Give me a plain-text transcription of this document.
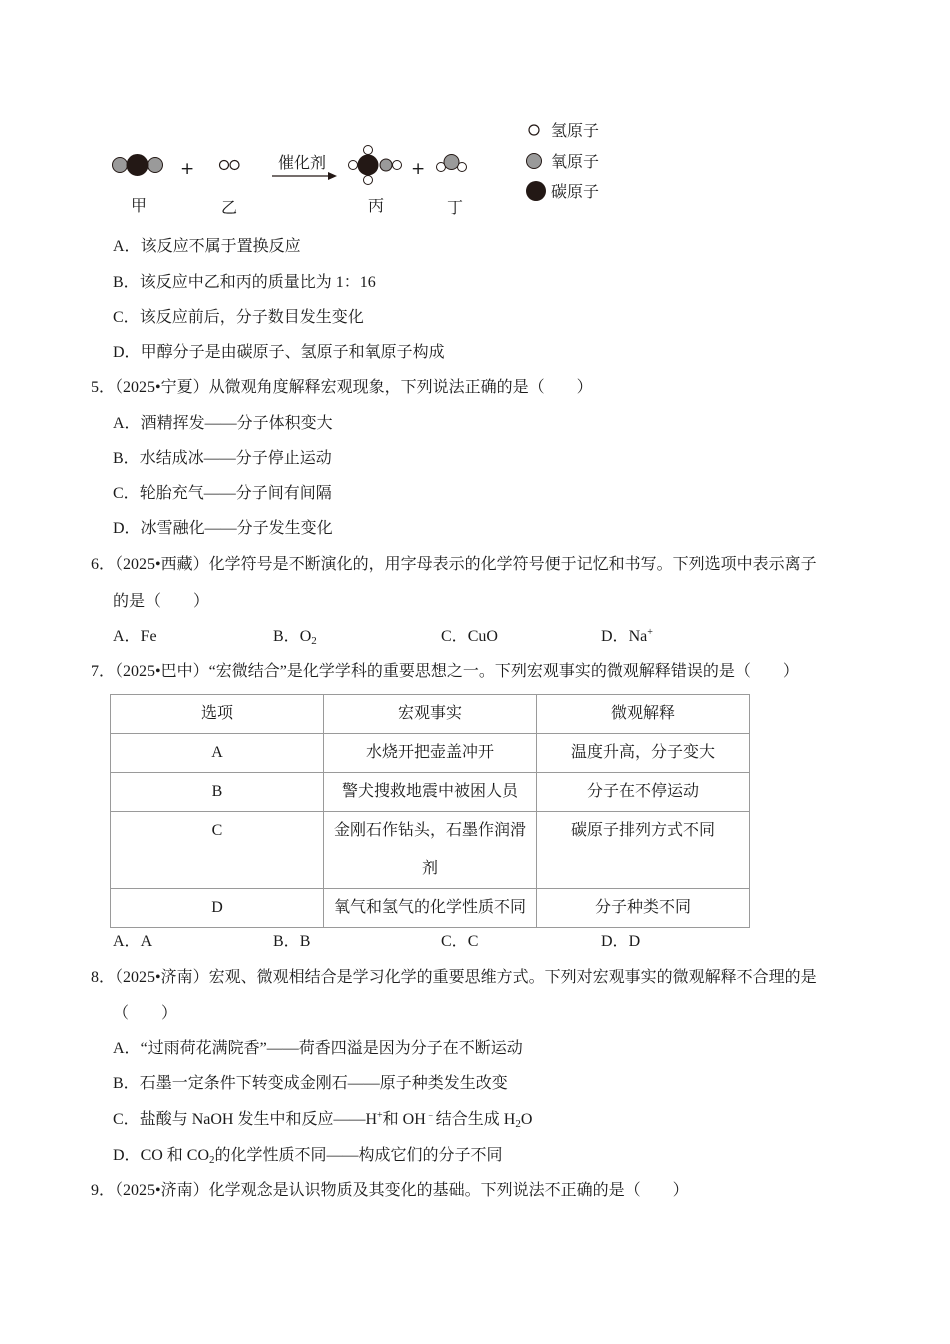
+	催化剂	+
甲	乙	丙	丁
氢原子
氧原子
碳原子
A．该反应不属于置换反应
B．该反应中乙和丙的质量比为 1：16
C．该反应前后，分子数目发生变化
D．甲醇分子是由碳原子、氢原子和氧原子构成
5．（2025•宁夏）从微观角度解释宏观现象，下列说法正确的是（　　）
A．酒精挥发——分子体积变大
B．水结成冰——分子停止运动
C．轮胎充气——分子间有间隔
D．冰雪融化——分子发生变化
6．（2025•西藏）化学符号是不断演化的，用字母表示的化学符号便于记忆和书写。下列选项中表示离子
的是（　　）
A．Fe	B．$O_2$	C．CuO	D．Na+
7．（2025•巴中）“宏微结合”是化学学科的重要思想之一。下列宏观事实的微观解释错误的是（　　）
选项	宏观事实	微观解释
A	水烧开把壶盖冲开	温度升高，分子变大
B	警犬搜救地震中被困人员	分子在不停运动
C	金刚石作钻头，石墨作润滑剂	碳原子排列方式不同
D	氧气和氢气的化学性质不同	分子种类不同
A．A	B．B	C．C	D．D
8．（2025•济南）宏观、微观相结合是学习化学的重要思维方式。下列对宏观事实的微观解释不合理的是
（　　）
A．“过雨荷花满院香”——荷香四溢是因为分子在不断运动
B．石墨一定条件下转变成金刚石——原子种类发生改变
C．盐酸与 NaOH 发生中和反应——H+和 OH﹣结合生成 $H_2O$
D．CO 和 $CO_2$的化学性质不同——构成它们的分子不同
9．（2025•济南）化学观念是认识物质及其变化的基础。下列说法不正确的是（　　）
